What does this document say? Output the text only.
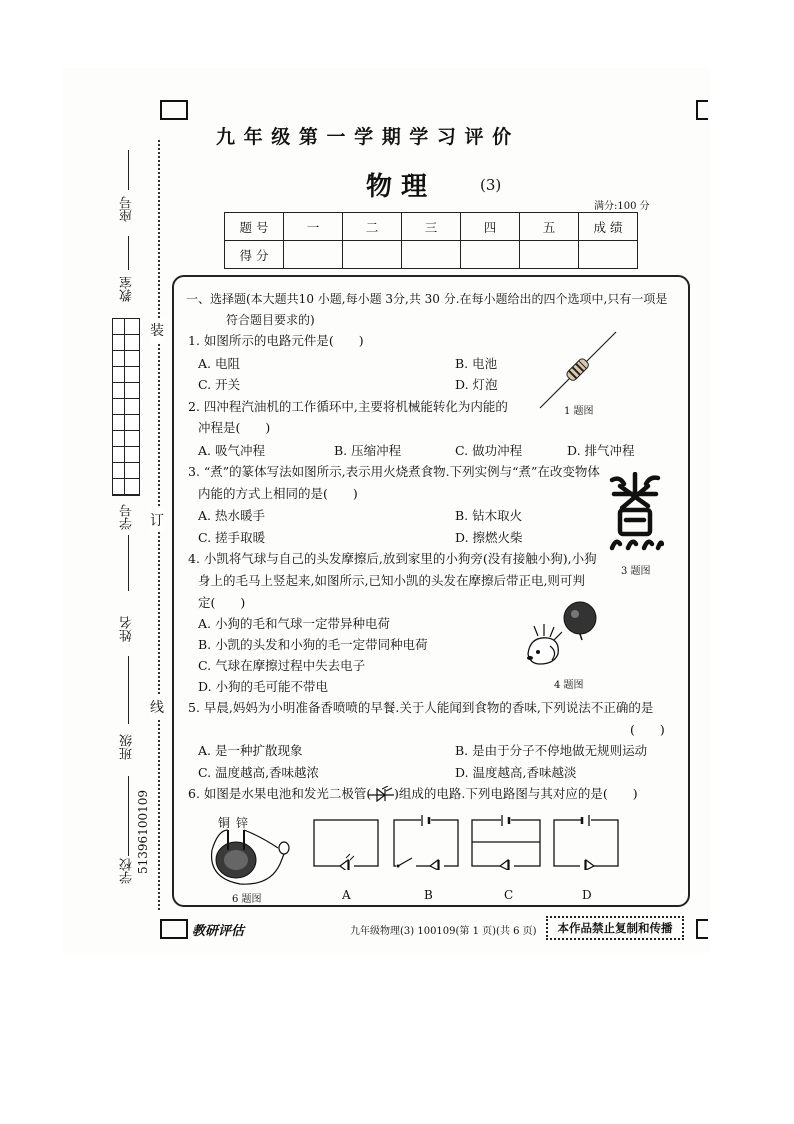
座号
教室
学号
姓名
班级
学校 51396100109
装
订
线
九 年 级 第 一 学 期 学 习 评 价
物 理	(3)
满分:100 分
题 号	一	二	三	四	五	成 绩
得 分						
一、选择题(本大题共10 小题,每小题 3分,共 30 分.在每小题给出的四个选项中,只有一项是
符合题目要求的)
1. 如图所示的电路元件是(　　)
A. 电阻	B. 电池
C. 开关	D. 灯泡
1 题图
2. 四冲程汽油机的工作循环中,主要将机械能转化为内能的
冲程是(　　)
A. 吸气冲程	B. 压缩冲程	C. 做功冲程	D. 排气冲程
3. “煮”的篆体写法如图所示,表示用火烧煮食物.下列实例与“煮”在改变物体
内能的方式上相同的是(　　)
A. 热水暖手	B. 钻木取火
C. 搓手取暖	D. 擦燃火柴
3 题图
4. 小凯将气球与自己的头发摩擦后,放到家里的小狗旁(没有接触小狗),小狗
身上的毛马上竖起来,如图所示,已知小凯的头发在摩擦后带正电,则可判
定(　　)
A. 小狗的毛和气球一定带异种电荷
B. 小凯的头发和小狗的毛一定带同种电荷
C. 气球在摩擦过程中失去电子
D. 小狗的毛可能不带电	4 题图
5. 早晨,妈妈为小明准备香喷喷的早餐.关于人能闻到食物的香味,下列说法不正确的是
(　　)
A. 是一种扩散现象	B. 是由于分子不停地做无规则运动
C. 温度越高,香味越浓	D. 温度越高,香味越淡
6. 如图是水果电池和发光二极管( )组成的电路.下列电路图与其对应的是(　　)
铜 锌
6 题图	A	B	C	D
教研评估	九年级物理(3) 100109(第 1 页)(共 6 页)	本作品禁止复制和传播
